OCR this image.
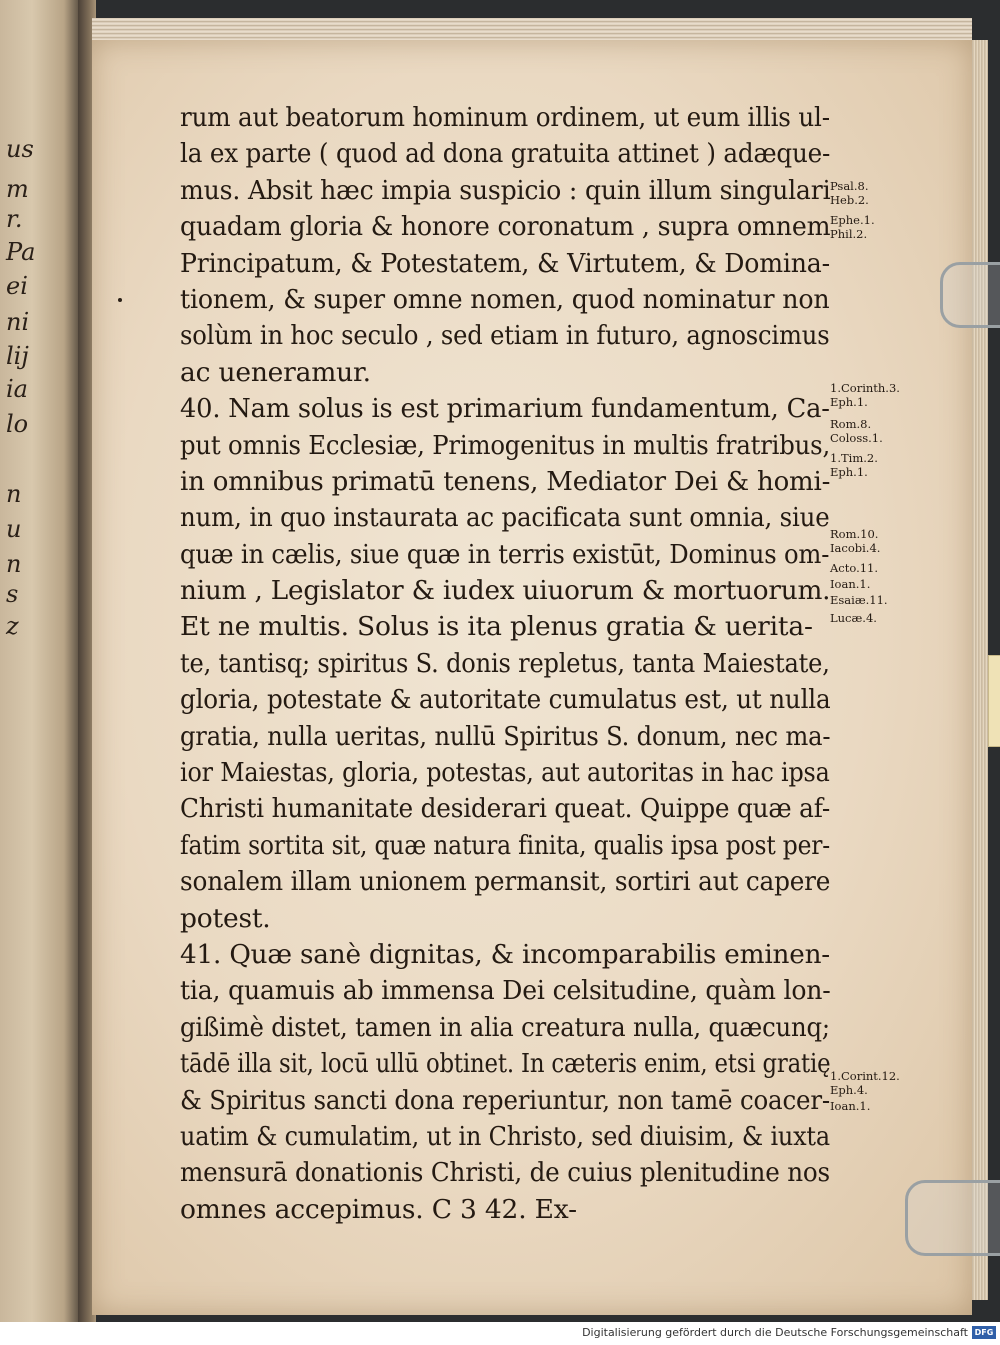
us
m
r.
Pa
ei
ni
lij
ia
lo
n
u
n
s
z
rum aut beatorum hominum ordinem, ut eum illis ul-
la ex parte ( quod ad dona gratuita attinet ) adæque-
mus. Absit hæc impia suspicio : quin illum singulari
quadam gloria & honore coronatum , supra omnem
Principatum, & Potestatem, & Virtutem, & Domina-
tionem, & super omne nomen, quod nominatur non
solùm in hoc seculo , sed etiam in futuro, agnoscimus
ac ueneramur.
40. Nam solus is est primarium fundamentum, Ca-
put omnis Ecclesiæ, Primogenitus in multis fratribus,
in omnibus primatū tenens, Mediator Dei & homi-
num, in quo instaurata ac pacificata sunt omnia, siue
quæ in cælis, siue quæ in terris existūt, Dominus om-
nium , Legislator & iudex uiuorum & mortuorum.
Et ne multis. Solus is ita plenus gratia & uerita-
te, tantisq; spiritus S. donis repletus, tanta Maiestate,
gloria, potestate & autoritate cumulatus est, ut nulla
gratia, nulla ueritas, nullū Spiritus S. donum, nec ma-
ior Maiestas, gloria, potestas, aut autoritas in hac ipsa
Christi humanitate desiderari queat. Quippe quæ af-
fatim sortita sit, quæ natura finita, qualis ipsa post per-
sonalem illam unionem permansit, sortiri aut capere
potest.
41. Quæ sanè dignitas, & incomparabilis eminen-
tia, quamuis ab immensa Dei celsitudine, quàm lon-
gißimè distet, tamen in alia creatura nulla, quæcunq;
tādē illa sit, locū ullū obtinet. In cæteris enim, etsi gratię
& Spiritus sancti dona reperiuntur, non tamē coacer-
uatim & cumulatim, ut in Christo, sed diuisim, & iuxta
mensurā donationis Christi, de cuius plenitudine nos
omnes accepimus. C 3 42. Ex-
Psal.8.
Heb.2.
Ephe.1.
Phil.2.
1.Corinth.3.
Eph.1.
Rom.8.
Coloss.1.
1.Tim.2.
Eph.1.
Rom.10.
Iacobi.4.
Acto.11.
Ioan.1.
Esaiæ.11.
Lucæ.4.
1.Corint.12.
Eph.4.
Ioan.1.
Digitalisierung gefördert durch die Deutsche Forschungsgemeinschaft DFG
